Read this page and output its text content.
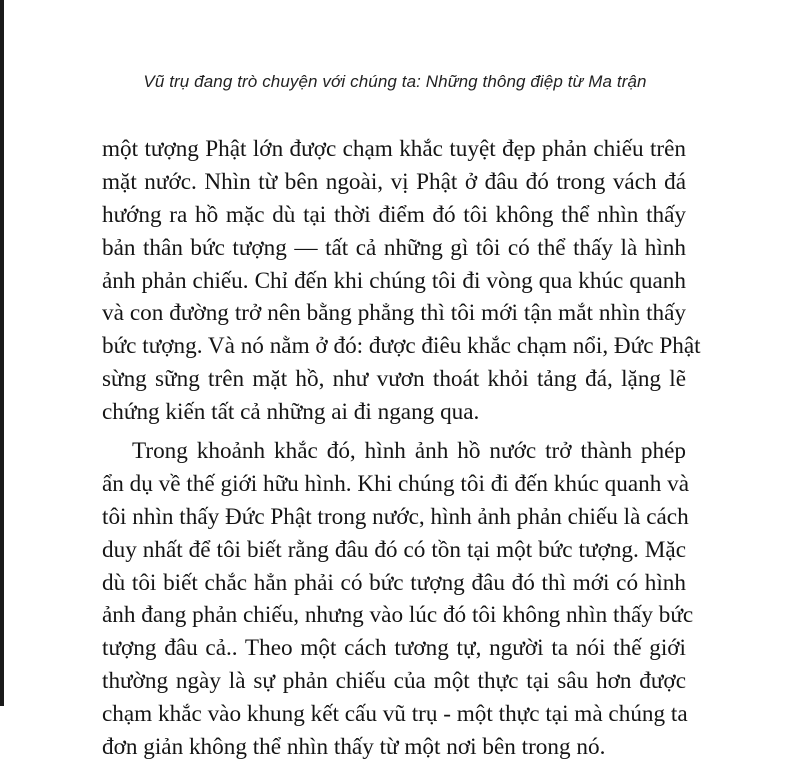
Vũ trụ đang trò chuyện với chúng ta: Những thông điệp từ Ma trận
một tượng Phật lớn được chạm khắc tuyệt đẹp phản chiếu trên
mặt nước. Nhìn từ bên ngoài, vị Phật ở đâu đó trong vách đá
hướng ra hồ mặc dù tại thời điểm đó tôi không thể nhìn thấy
bản thân bức tượng — tất cả những gì tôi có thể thấy là hình
ảnh phản chiếu. Chỉ đến khi chúng tôi đi vòng qua khúc quanh
và con đường trở nên bằng phẳng thì tôi mới tận mắt nhìn thấy
bức tượng. Và nó nằm ở đó: được điêu khắc chạm nổi, Đức Phật
sừng sững trên mặt hồ, như vươn thoát khỏi tảng đá, lặng lẽ
chứng kiến tất cả những ai đi ngang qua.
Trong khoảnh khắc đó, hình ảnh hồ nước trở thành phép
ẩn dụ về thế giới hữu hình. Khi chúng tôi đi đến khúc quanh và
tôi nhìn thấy Đức Phật trong nước, hình ảnh phản chiếu là cách
duy nhất để tôi biết rằng đâu đó có tồn tại một bức tượng. Mặc
dù tôi biết chắc hẳn phải có bức tượng đâu đó thì mới có hình
ảnh đang phản chiếu, nhưng vào lúc đó tôi không nhìn thấy bức
tượng đâu cả.. Theo một cách tương tự, người ta nói thế giới
thường ngày là sự phản chiếu của một thực tại sâu hơn được
chạm khắc vào khung kết cấu vũ trụ - một thực tại mà chúng ta
đơn giản không thể nhìn thấy từ một nơi bên trong nó.
